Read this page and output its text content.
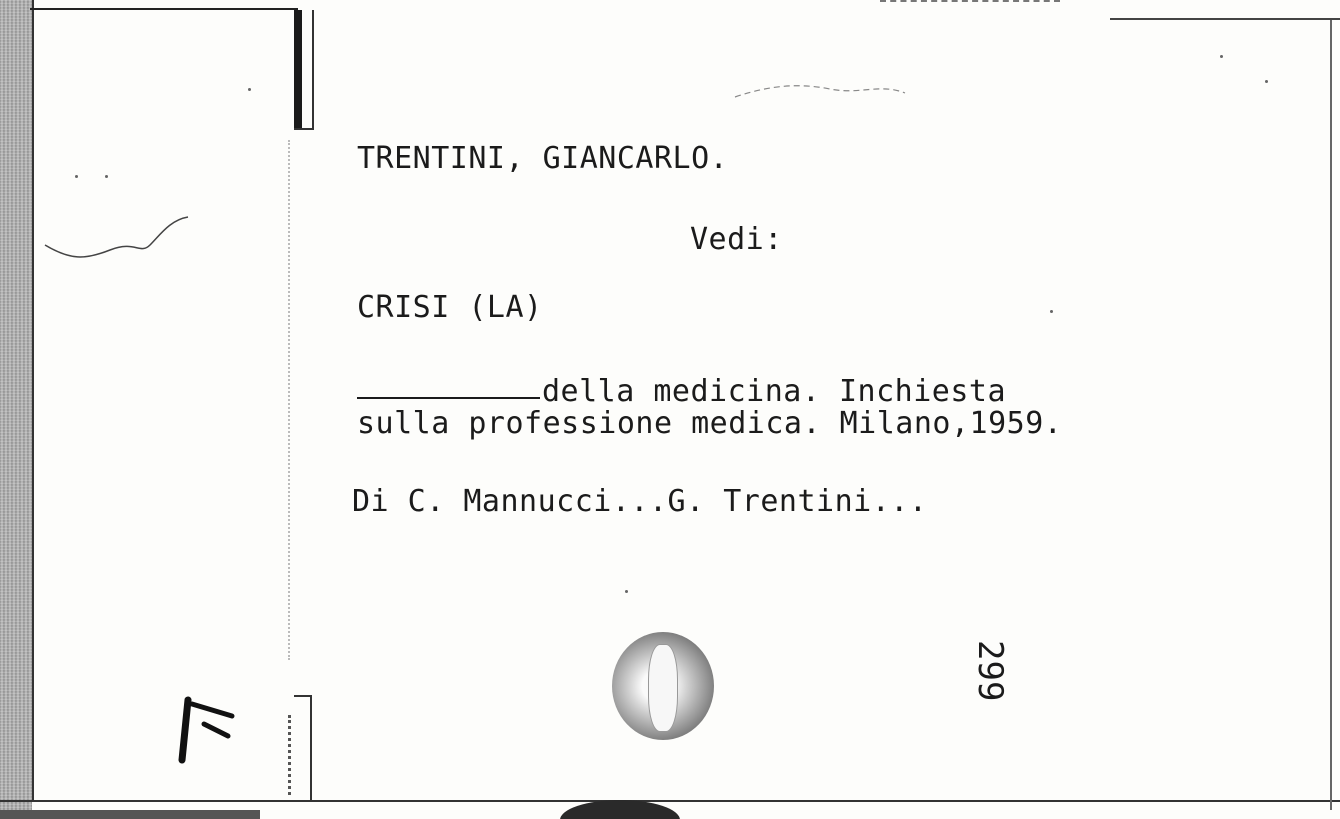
TRENTINI, GIANCARLO.
Vedi:
CRISI (LA)
della medicina. Inchiesta
sulla professione medica. Milano,1959.
Di C. Mannucci...G. Trentini...
299
